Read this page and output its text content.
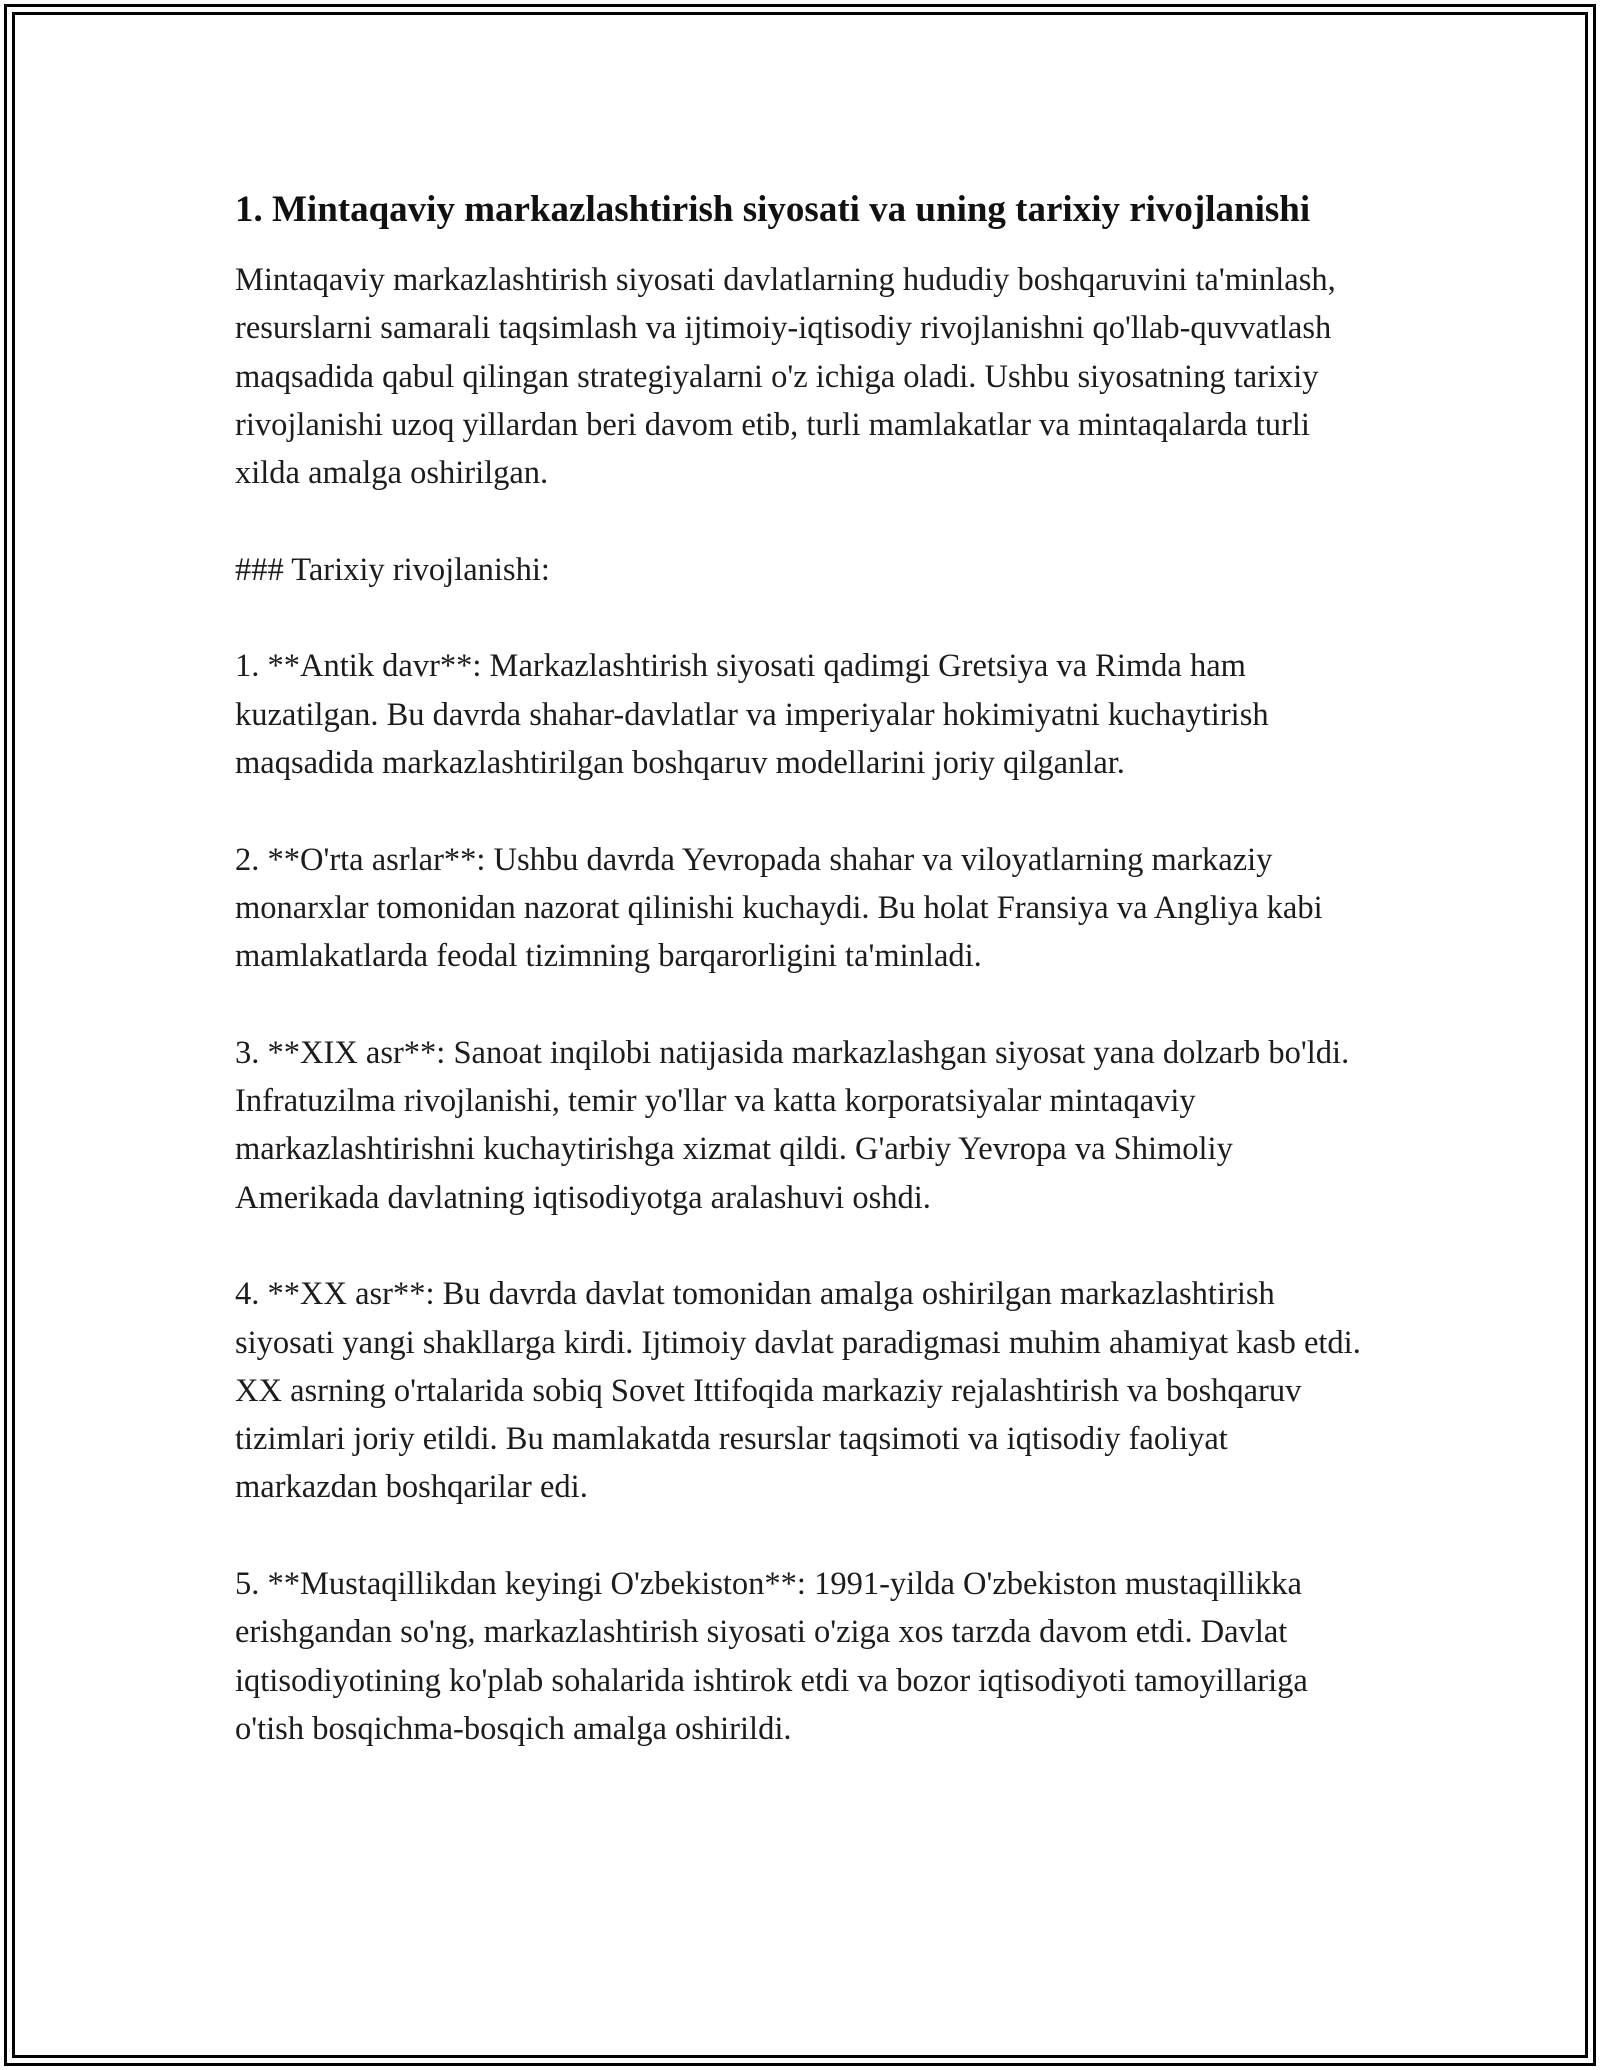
1. Mintaqaviy markazlashtirish siyosati va uning tarixiy rivojlanishi

Mintaqaviy markazlashtirish siyosati davlatlarning hududiy boshqaruvini ta'minlash, resurslarni samarali taqsimlash va ijtimoiy-iqtisodiy rivojlanishni qo'llab-quvvatlash maqsadida qabul qilingan strategiyalarni o'z ichiga oladi. Ushbu siyosatning tarixiy rivojlanishi uzoq yillardan beri davom etib, turli mamlakatlar va mintaqalarda turli xilda amalga oshirilgan.

### Tarixiy rivojlanishi:

1. **Antik davr**: Markazlashtirish siyosati qadimgi Gretsiya va Rimda ham kuzatilgan. Bu davrda shahar-davlatlar va imperiyalar hokimiyatni kuchaytirish maqsadida markazlashtirilgan boshqaruv modellarini joriy qilganlar.

2. **O'rta asrlar**: Ushbu davrda Yevropada shahar va viloyatlarning markaziy monarxlar tomonidan nazorat qilinishi kuchaydi. Bu holat Fransiya va Angliya kabi mamlakatlarda feodal tizimning barqarorligini ta'minladi.

3. **XIX asr**: Sanoat inqilobi natijasida markazlashgan siyosat yana dolzarb bo'ldi. Infratuzilma rivojlanishi, temir yo'llar va katta korporatsiyalar mintaqaviy markazlashtirishni kuchaytirishga xizmat qildi. G'arbiy Yevropa va Shimoliy Amerikada davlatning iqtisodiyotga aralashuvi oshdi.

4. **XX asr**: Bu davrda davlat tomonidan amalga oshirilgan markazlashtirish siyosati yangi shakllarga kirdi. Ijtimoiy davlat paradigmasi muhim ahamiyat kasb etdi. XX asrning o'rtalarida sobiq Sovet Ittifoqida markaziy rejalashtirish va boshqaruv tizimlari joriy etildi. Bu mamlakatda resurslar taqsimoti va iqtisodiy faoliyat markazdan boshqarilar edi.

5. **Mustaqillikdan keyingi O'zbekiston**: 1991-yilda O'zbekiston mustaqillikka erishgandan so'ng, markazlashtirish siyosati o'ziga xos tarzda davom etdi. Davlat iqtisodiyotining ko'plab sohalarida ishtirok etdi va bozor iqtisodiyoti tamoyillariga o'tish bosqichma-bosqich amalga oshirildi.
